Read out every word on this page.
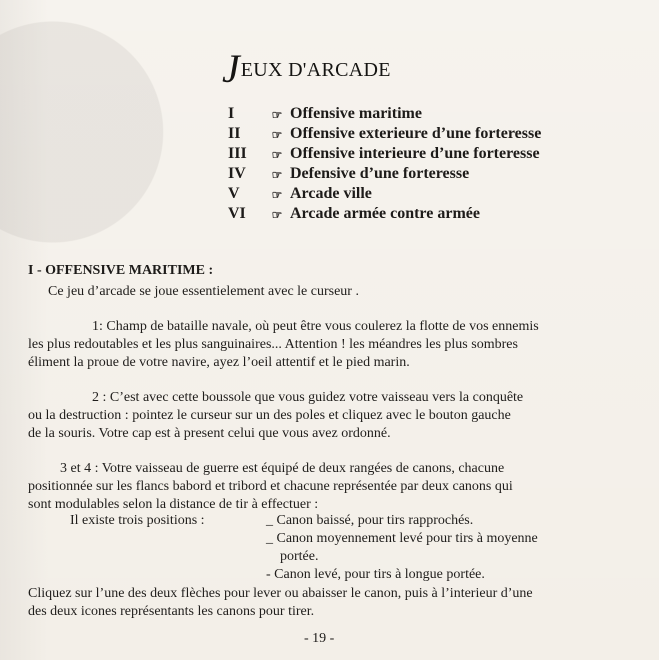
J EUX D'ARCADE
I	☞ Offensive maritime
II	☞ Offensive exterieure d’une forteresse
III	☞ Offensive interieure d’une forteresse
IV	☞ Defensive d’une forteresse
V	☞ Arcade ville
VI	☞ Arcade armée contre armée
I - OFFENSIVE MARITIME :
Ce jeu d’arcade se joue essentielement avec le curseur .
1: Champ de bataille navale, où peut être vous coulerez la flotte de vos ennemis
les plus redoutables et les plus sanguinaires... Attention ! les méandres les plus sombres
éliment la proue de votre navire, ayez l’oeil attentif et le pied marin.
2 : C’est avec cette boussole que vous guidez votre vaisseau vers la conquête
ou la destruction : pointez le curseur sur un des poles et cliquez avec le bouton gauche
de la souris. Votre cap est à present celui que vous avez ordonné.
3 et 4 : Votre vaisseau de guerre est équipé de deux rangées de canons, chacune
positionnée sur les flancs babord et tribord et chacune représentée par deux canons qui
sont modulables selon la distance de tir à effectuer :
Il existe trois positions :	_ Canon baissé, pour tirs rapprochés.
_ Canon moyennement levé pour tirs à moyenne
portée.
- Canon levé, pour tirs à longue portée.
Cliquez sur l’une des deux flèches pour lever ou abaisser le canon, puis à l’interieur d’une
des deux icones représentants les canons pour tirer.
- 19 -
